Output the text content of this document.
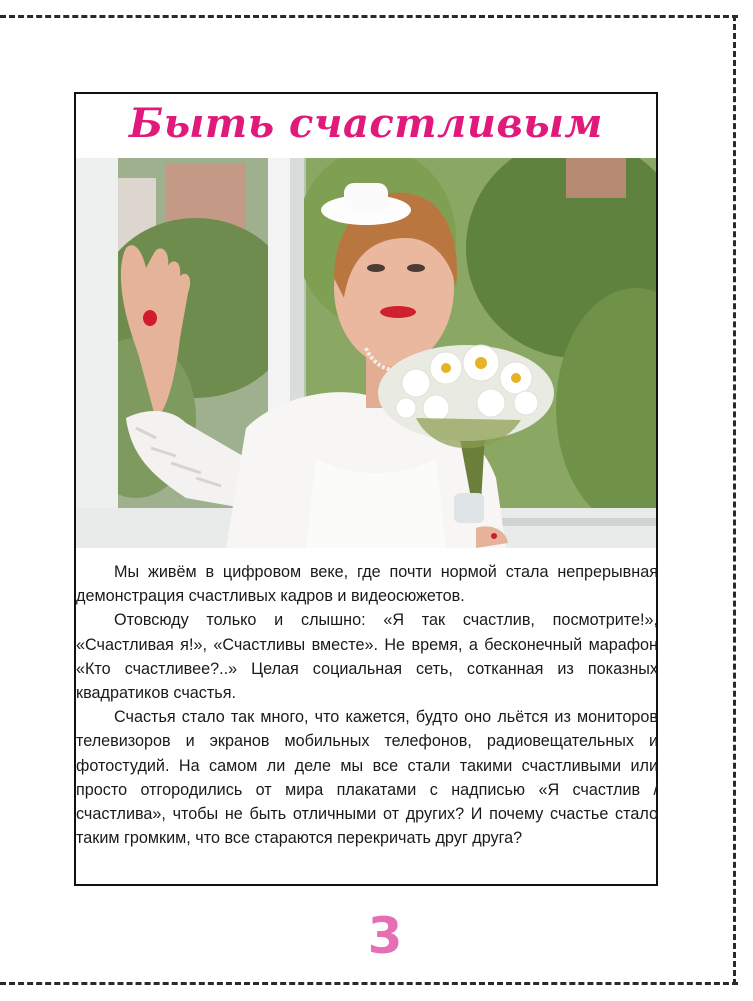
Быть счастливым

Мы живём в цифровом веке, где почти нормой стала непрерывная демонстрация счастливых кадров и видеосюжетов.

Отовсюду только и слышно: «Я так счастлив, посмотрите!», «Счастливая я!», «Счастливы вместе». Не время, а бесконечный марафон «Кто счастливее?..» Целая социальная сеть, сотканная из показных квадратиков счастья.

Счастья стало так много, что кажется, будто оно льётся из мониторов телевизоров и экранов мобильных телефонов, радиовещательных и фотостудий. На самом ли деле мы все стали такими счастливыми или просто отгородились от мира плакатами с надписью «Я счастлив / счастлива», чтобы не быть отличными от других? И почему счастье стало таким громким, что все стараются перекричать друг друга?

3
